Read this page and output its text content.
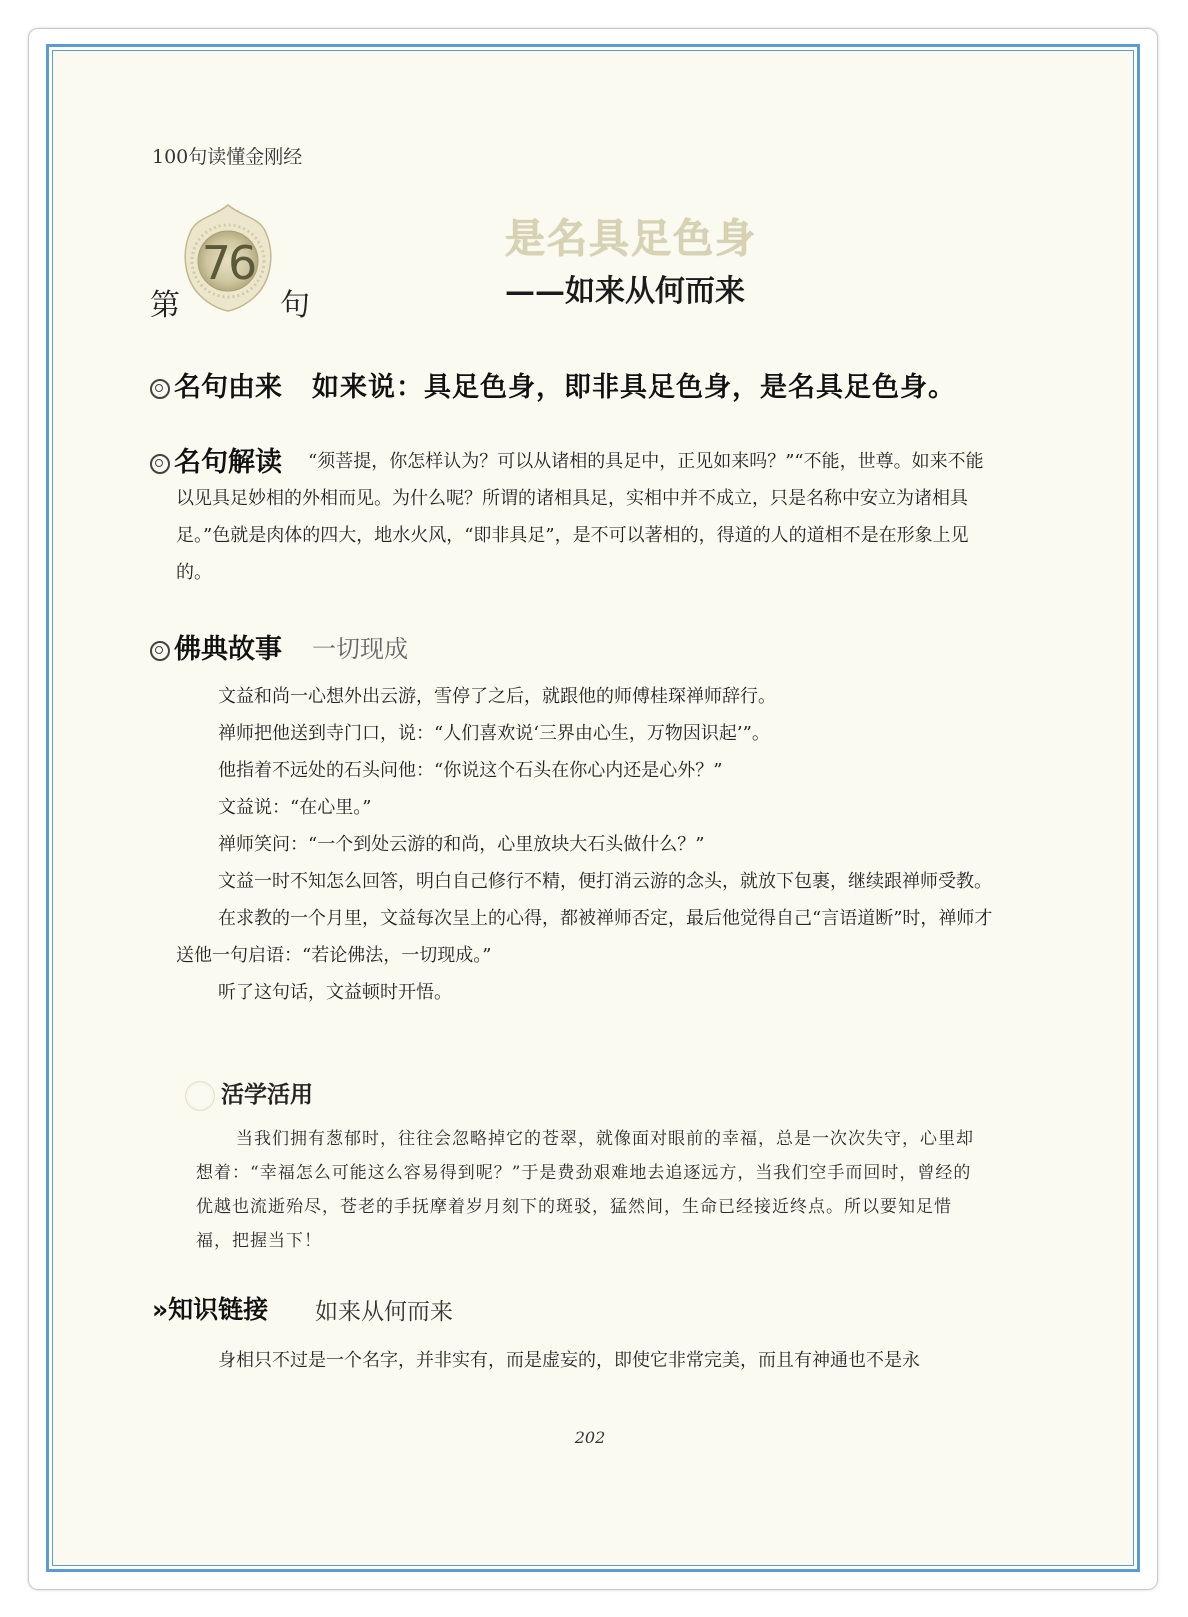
100句读懂金刚经
76
第	句
是名具足色身
——如来从何而来
名句由来 如来说：具足色身，即非具足色身，是名具足色身。
名句解读	“须菩提，你怎样认为？可以从诸相的具足中，正见如来吗？”“不能，世尊。如来不能以见具足妙相的外相而见。为什么呢？所谓的诸相具足，实相中并不成立，只是名称中安立为诸相具足。”色就是肉体的四大，地水火风，“即非具足”，是不可以著相的，得道的人的道相不是在形象上见的。
佛典故事 一切现成

文益和尚一心想外出云游，雪停了之后，就跟他的师傅桂琛禅师辞行。

禅师把他送到寺门口，说：“人们喜欢说‘三界由心生，万物因识起’”。

他指着不远处的石头问他：“你说这个石头在你心内还是心外？”

文益说：“在心里。”

禅师笑问：“一个到处云游的和尚，心里放块大石头做什么？”

文益一时不知怎么回答，明白自己修行不精，便打消云游的念头，就放下包裹，继续跟禅师受教。

在求教的一个月里，文益每次呈上的心得，都被禅师否定，最后他觉得自己“言语道断”时，禅师才送他一句启语：“若论佛法，一切现成。”

听了这句话，文益顿时开悟。

活学活用
当我们拥有葱郁时，往往会忽略掉它的苍翠，就像面对眼前的幸福，总是一次次失守，心里却想着：“幸福怎么可能这么容易得到呢？”于是费劲艰难地去追逐远方，当我们空手而回时，曾经的优越也流逝殆尽，苍老的手抚摩着岁月刻下的斑驳，猛然间，生命已经接近终点。所以要知足惜福，把握当下！
»知识链接 如来从何而来
身相只不过是一个名字，并非实有，而是虚妄的，即使它非常完美，而且有神通也不是永
202
